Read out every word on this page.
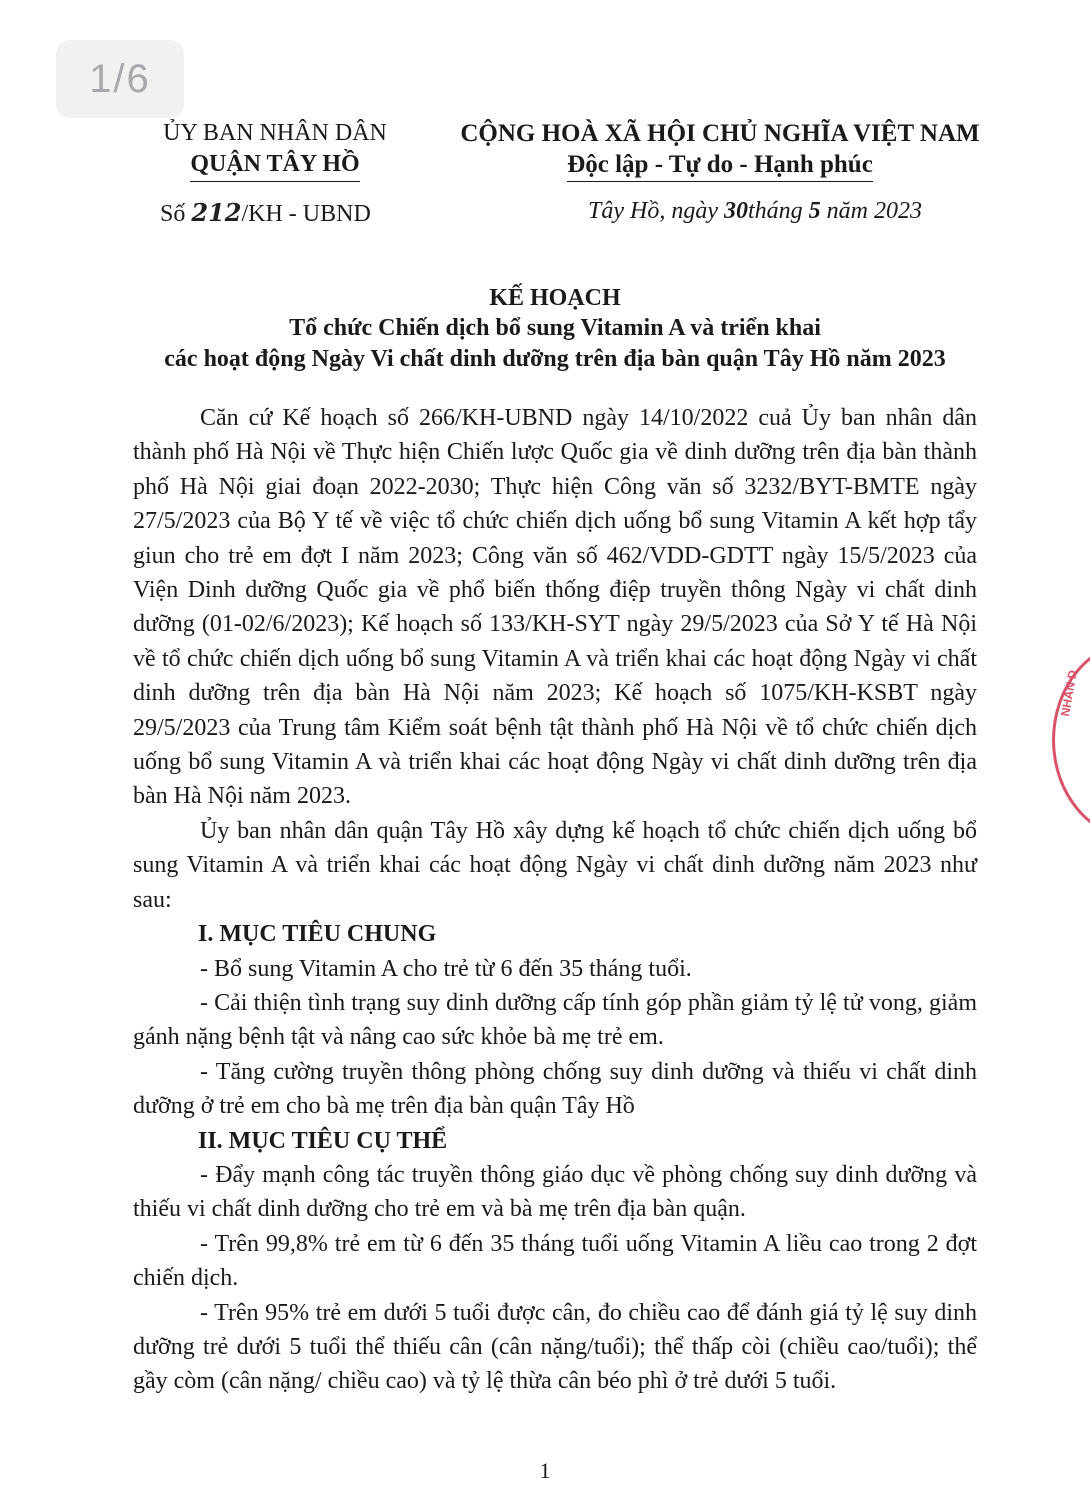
1/6
ỦY BAN NHÂN DÂN
QUẬN TÂY HỒ
CỘNG HOÀ XÃ HỘI CHỦ NGHĨA VIỆT NAM
Độc lập - Tự do - Hạnh phúc
Số 212/KH - UBND	Tây Hồ, ngày 30tháng 5 năm 2023
KẾ HOẠCH
Tổ chức Chiến dịch bổ sung Vitamin A và triển khai
các hoạt động Ngày Vi chất dinh dưỡng trên địa bàn quận Tây Hồ năm 2023

Căn cứ Kế hoạch số 266/KH-UBND ngày 14/10/2022 cuả Ủy ban nhân dân thành phố Hà Nội về Thực hiện Chiến lược Quốc gia về dinh dưỡng trên địa bàn thành phố Hà Nội giai đoạn 2022-2030; Thực hiện Công văn số 3232/BYT-BMTE ngày 27/5/2023 của Bộ Y tế về việc tổ chức chiến dịch uống bổ sung Vitamin A kết hợp tẩy giun cho trẻ em đợt I năm 2023; Công văn số 462/VDD-GDTT ngày 15/5/2023 của Viện Dinh dưỡng Quốc gia về phổ biến thống điệp truyền thông Ngày vi chất dinh dưỡng (01-02/6/2023); Kế hoạch số 133/KH-SYT ngày 29/5/2023 của Sở Y tế Hà Nội về tổ chức chiến dịch uống bổ sung Vitamin A và triển khai các hoạt động Ngày vi chất dinh dưỡng trên địa bàn Hà Nội năm 2023; Kế hoạch số 1075/KH-KSBT ngày 29/5/2023 của Trung tâm Kiểm soát bệnh tật thành phố Hà Nội về tổ chức chiến dịch uống bổ sung Vitamin A và triển khai các hoạt động Ngày vi chất dinh dưỡng trên địa bàn Hà Nội năm 2023.

Ủy ban nhân dân quận Tây Hồ xây dựng kế hoạch tổ chức chiến dịch uống bổ sung Vitamin A và triển khai các hoạt động Ngày vi chất dinh dưỡng năm 2023 như sau:

I. MỤC TIÊU CHUNG

- Bổ sung Vitamin A cho trẻ từ 6 đến 35 tháng tuổi.

- Cải thiện tình trạng suy dinh dưỡng cấp tính góp phần giảm tỷ lệ tử vong, giảm gánh nặng bệnh tật và nâng cao sức khỏe bà mẹ trẻ em.

- Tăng cường truyền thông phòng chống suy dinh dưỡng và thiếu vi chất dinh dưỡng ở trẻ em cho bà mẹ trên địa bàn quận Tây Hồ

II. MỤC TIÊU CỤ THỂ

- Đẩy mạnh công tác truyền thông giáo dục về phòng chống suy dinh dưỡng và thiếu vi chất dinh dưỡng cho trẻ em và bà mẹ trên địa bàn quận.

- Trên 99,8% trẻ em từ 6 đến 35 tháng tuổi uống Vitamin A liều cao trong 2 đợt chiến dịch.

- Trên 95% trẻ em dưới 5 tuổi được cân, đo chiều cao để đánh giá tỷ lệ suy dinh dưỡng trẻ dưới 5 tuổi thể thiếu cân (cân nặng/tuổi); thể thấp còi (chiều cao/tuổi); thể gầy còm (cân nặng/ chiều cao) và tỷ lệ thừa cân béo phì ở trẻ dưới 5 tuổi.

1
NHÂN D
